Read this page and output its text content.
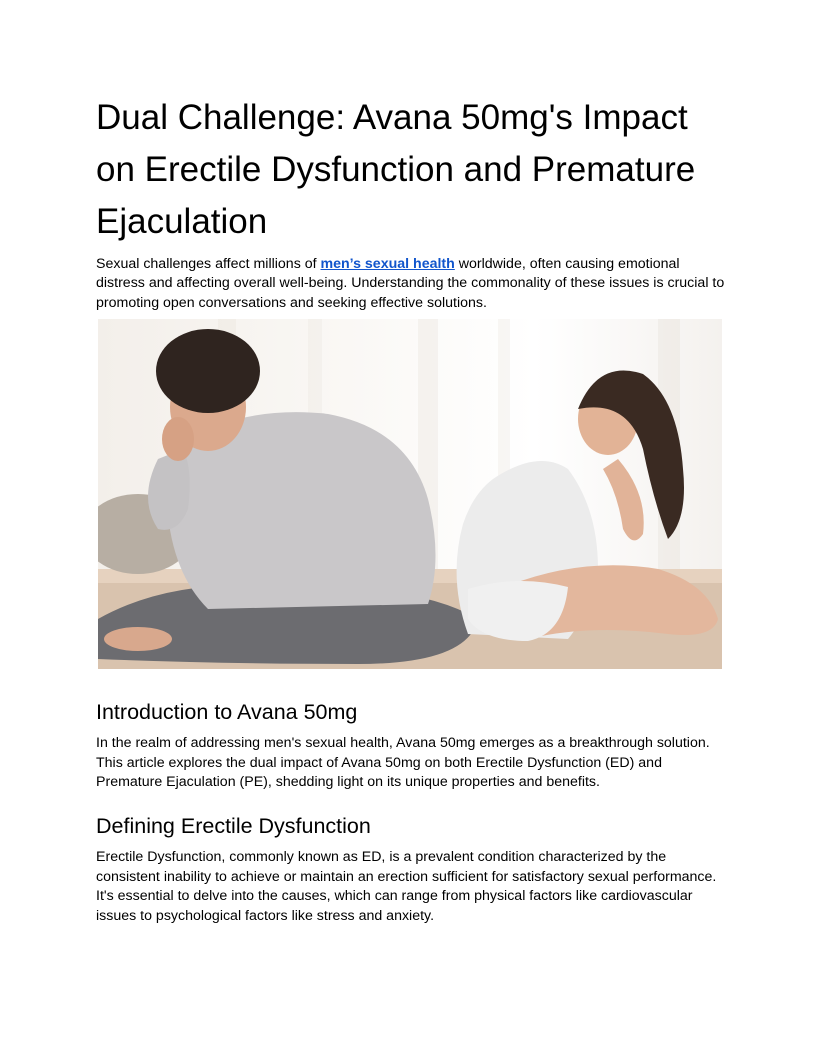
Dual Challenge: Avana 50mg's Impact on Erectile Dysfunction and Premature Ejaculation

Sexual challenges affect millions of men’s sexual health worldwide, often causing emotional distress and affecting overall well-being. Understanding the commonality of these issues is crucial to promoting open conversations and seeking effective solutions.

Introduction to Avana 50mg

In the realm of addressing men's sexual health, Avana 50mg emerges as a breakthrough solution. This article explores the dual impact of Avana 50mg on both Erectile Dysfunction (ED) and Premature Ejaculation (PE), shedding light on its unique properties and benefits.

Defining Erectile Dysfunction

Erectile Dysfunction, commonly known as ED, is a prevalent condition characterized by the consistent inability to achieve or maintain an erection sufficient for satisfactory sexual performance. It's essential to delve into the causes, which can range from physical factors like cardiovascular issues to psychological factors like stress and anxiety.
